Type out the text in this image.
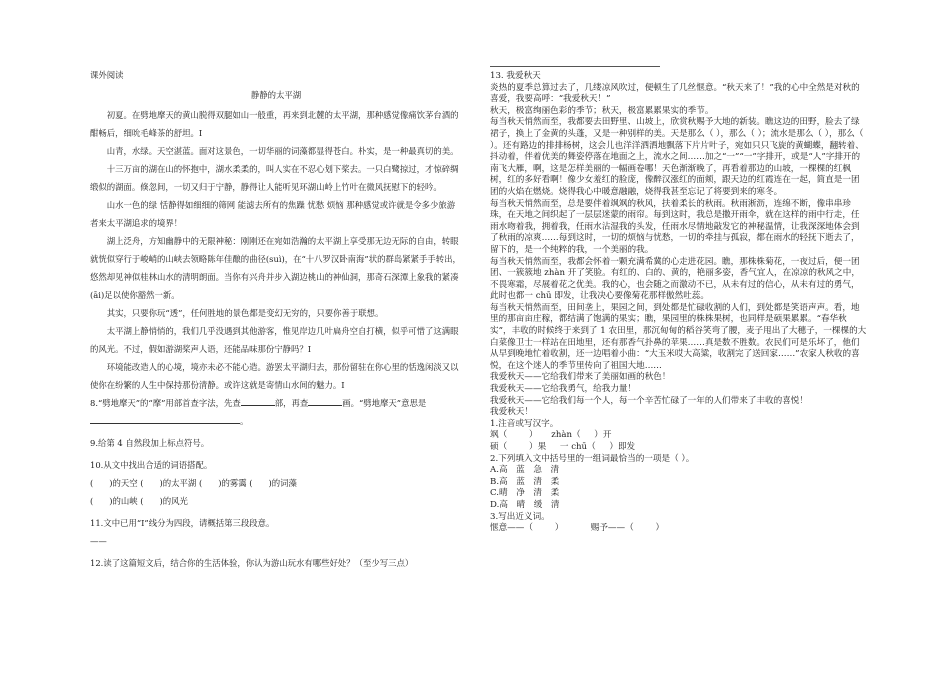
课外阅读

静静的太平湖

初夏。在劈地摩天的黄山脱得双腿如山一般重，再来到北麓的太平湖，那种感觉像痛饮茅台酒的酣畅后，细吮毛峰茶的舒坦。Ⅰ

山青，水绿。天空湛蓝。面对这景色，一切华丽的词藻都显得苍白。朴实，是一种最真切的美。

十三万亩的湖在山的怀抱中，湖水柔柔的，叫人实在不忍心划下桨去。一只白鹭掠过，才惊碎绸缎似的湖面。倏忽间，一切又归于宁静，静得让人能听见环湖山岭上竹叶在微风抚慰下的轻吟。

山水一色的绿 恬静得如细细的筛网 能滤去所有的焦躁 忧愁 烦恼 那种感觉或许就是令多少旅游者来太平湖追求的境界！

湖上泛舟，方知幽静中的无限神秘：刚刚还在宛如浩瀚的太平湖上享受那无边无际的自由，转眼就恍似穿行于峻峭的山峡去领略陈年佳酿的曲径(suì)，在“十八罗汉卧南海”状的群岛紧紧手手转出，悠然却见神似桂林山水的清明朗面。当你有兴舟并步入湖边桃山的神仙洞，那奇石深潭上象我的紧凑(āi)足以使你豁然一新。

其实，只要你玩“透”，任何胜地的景色都是变幻无穷的，只要你善于联想。

太平湖上静悄悄的，我们几乎没遇到其他游客，惟见岸边几叶扁舟空自打横，似乎可惜了这满眼的风光。不过，假如游湖桨声人语，还能品味那份宁静吗？Ⅰ

环境能改造人的心境，境亦未必不能心造。游罢太平湖归去，那份留驻在你心里的恬逸闲淡又以使你在纷繁的人生中保持那份清静。或许这就是寄情山水间的魅力。Ⅰ

8.“劈地摩天”的“摩”用部首查字法，先查	部，再查	画。“劈地摩天”意思是
。

9.给第 4 自然段加上标点符号。

10.从文中找出合适的词语搭配。

(      )的天空 (      )的太平湖 (      )的雾霭 (      )的词藻

(      )的山峡 (      )的风光

11.文中已用“Ⅰ”线分为四段，请概括第三段段意。

——

12.读了这篇短文后，结合你的生活体验，你认为游山玩水有哪些好处？（至少写三点）

13. 我爱秋天

炎热的夏季总算过去了，几缕凉风吹过，便顿生了几丝惬意。“秋天来了！”我的心中全然是对秋的喜爱，我要高呼：“我爱秋天！”

秋天，极富绚丽色彩的季节；秋天，极富累累果实的季节。

每当秋天悄然而至，我都要去田野里、山坡上，欣赏秋赐予大地的新装。瞧这边的田野，脸去了绿裙子，换上了金黄的头蓬，又是一种别样的美。天是那么（ ），那么（ ）；流水是那么（ ），那么（ ）。还有路边的排排杨树，这会儿也洋洋洒洒地飘落下片片叶子，宛如只只飞旋的黄蝴蝶，翻转着、抖动着，伴着优美的舞姿停落在地面之上，流水之间……加之“一”“一”字排开，或是“人”字排开的南飞大雁，啊，这是怎样美丽的一幅画卷哪！天色渐渐晚了，再看着那边的山坡，一棵棵的红枫树，红的多好看啊！像少女羞红的脸庞，像醉汉涨红的面颊，跟天边的红霞连在一起，简直是一团团的火焰在燃烧。烧得我心中暖意融融，烧得我甚至忘记了将要到来的寒冬。

每当秋天悄然而至，总是要伴着飒飒的秋风，扶着柔长的秋雨。秋雨淅沥，连绵不断，像串串珍珠，在天地之间织起了一层层迷蒙的雨帘。每到这时，我总是撒开雨伞，就在这样的雨中行走，任雨水吻着我，拥着我，任雨水沾湿我的头发，任雨水尽情地敲发它的神秘温情，让我深深地体会到了秋雨的凉爽……每到这时，一切的烦恼与忧愁，一切的牵挂与孤寂，都在雨水的轻抚下逝去了，留下的，是一个纯粹的我，一个美丽的我。

每当秋天悄然而至，我都会怀着一颗充满希冀的心走进花园。瞧，那株株菊花，一夜过后，便一团团、一簇簇地 zhàn 开了笑脸。有红的、白的、黄的，艳丽多姿，香气宜人，在凉凉的秋风之中，不畏寒霜，尽展着花之优美。我的心，也会随之而激动不已，从未有过的信心，从未有过的勇气，此时也都一 chū 即发，让我决心要像菊花那样傲然吐蕊。

每当秋天悄然而至，田间垄上，果园之间，到处都是忙碌收割的人们，到处都是笑语声声。看，地里的那亩亩庄稼，都结满了饱满的果实；瞧，果园里的株株果树，也同样是硕果累累。“春华秋实”，丰收的时候终于来到了 1 农田里，那沉甸甸的稻谷笑弯了腰，麦子甩出了大穗子，一棵棵的大白菜像卫士一样站在田地里，还有那香气扑鼻的苹果……真是数不胜数。农民们可是乐坏了，他们从早到晚地忙着收割，还一边唱着小曲：“大玉米哎大高粱，收割完了送回家……”农家人秋收的喜悦，在这个迷人的季节里传向了祖国大地……

我爱秋天——它给我们带来了美丽如画的秋色！

我爱秋天——它给我勇气，给我力量！

我爱秋天——它给我们每一个人，每一个辛苦忙碌了一年的人们带来了丰收的喜悦！

我爱秋天！

1.注音或写汉字。

飒（        ）     zhàn（     ）开

硕（        ）果     一 chū（     ）即发

2.下列填入文中括号里的一组词最恰当的一项是（ ）。

A.高　蓝　急　清

B.高　蓝　清　柔

C.晴　净　清　柔

D.高　晴　缓　清

3.写出近义词。

惬意——（        ）          赐予——（        ）
